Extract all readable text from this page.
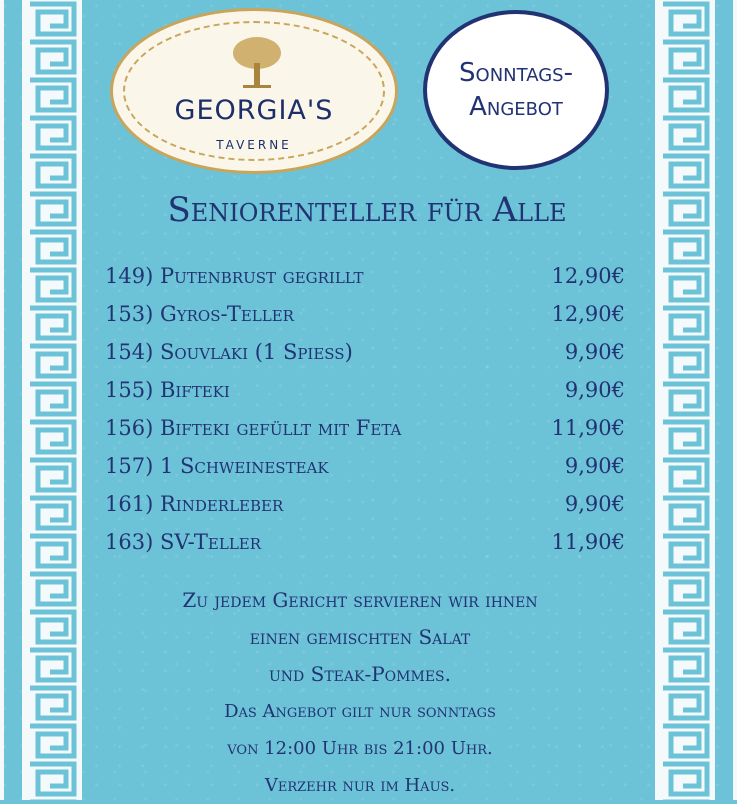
GEORGIA'S
TAVERNE
Sonntags-
Angebot
Seniorenteller für Alle
149) Putenbrust gegrillt	12,90€
153) Gyros-Teller	12,90€
154) Souvlaki (1 Spieß)	9,90€
155) Bifteki	9,90€
156) Bifteki gefüllt mit Feta	11,90€
157) 1 Schweinesteak	9,90€
161) Rinderleber	9,90€
163) SV-Teller	11,90€
Zu jedem Gericht servieren wir ihnen
einen gemischten Salat
und Steak-Pommes.
Das Angebot gilt nur sonntags
von 12:00 Uhr bis 21:00 Uhr.
Verzehr nur im Haus.
